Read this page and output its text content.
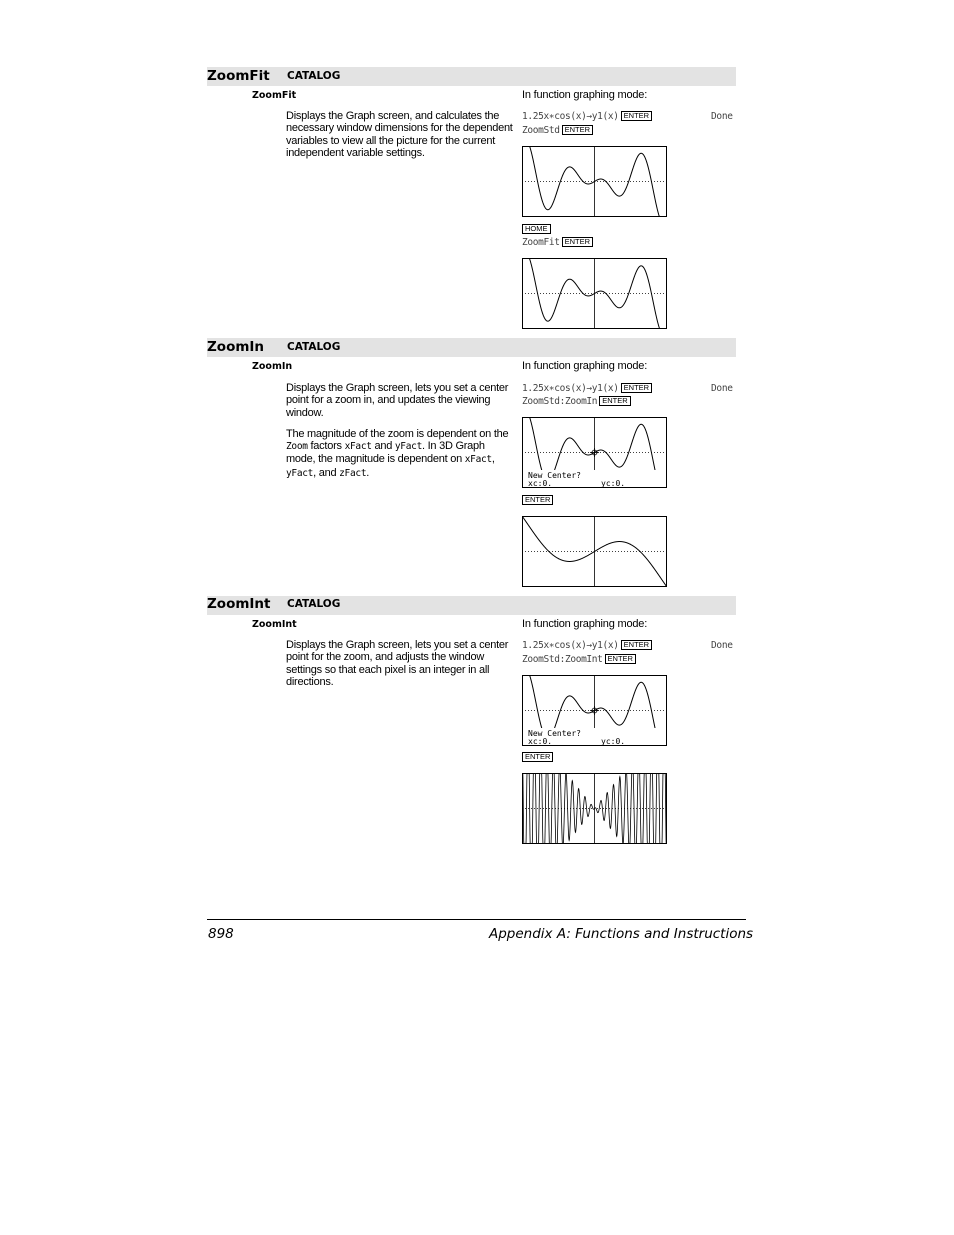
ZoomFit CATALOG
ZoomFit

Displays the Graph screen, and calculates the necessary window dimensions for the dependent variables to view all the picture for the current independent variable settings.

In function graphing mode:
1.25x∗cos(x)→y1(x) ENTER	Done
ZoomStd ENTER
HOME
ZoomFit ENTER
ZoomIn CATALOG
ZoomIn

Displays the Graph screen, lets you set a center point for a zoom in, and updates the viewing window.

The magnitude of the zoom is dependent on the Zoom factors xFact and yFact. In 3D Graph mode, the magnitude is dependent on xFact, yFact, and zFact.

In function graphing mode:
1.25x∗cos(x)→y1(x) ENTER	Done
ZoomStd:ZoomIn ENTER
New Center?
xc:0.	yc:0.
ENTER
ZoomInt CATALOG
ZoomInt

Displays the Graph screen, lets you set a center point for the zoom, and adjusts the window settings so that each pixel is an integer in all directions.

In function graphing mode:
1.25x∗cos(x)→y1(x) ENTER	Done
ZoomStd:ZoomInt ENTER
New Center?
xc:0.	yc:0.
ENTER
898	Appendix A: Functions and Instructions
